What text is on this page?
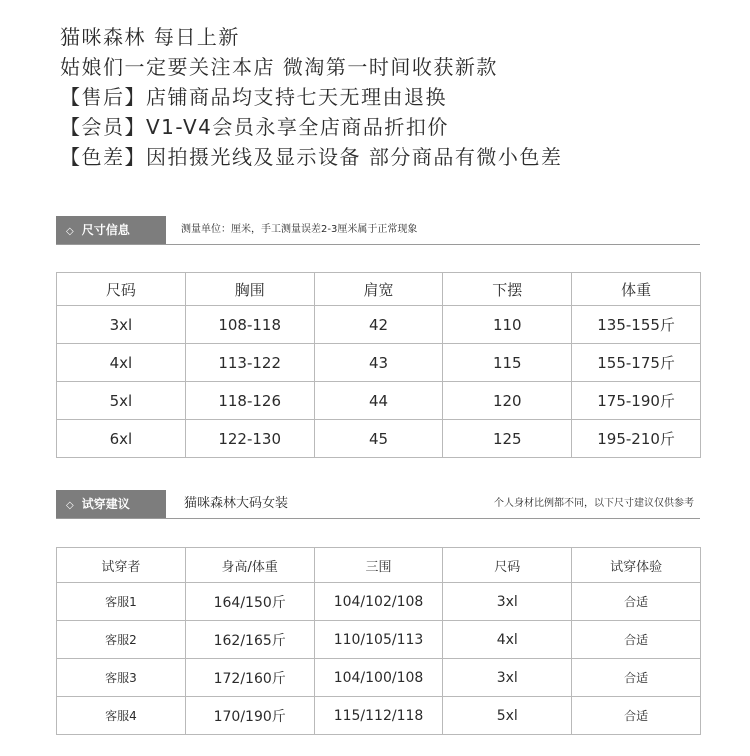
猫咪森林 每日上新
姑娘们一定要关注本店 微淘第一时间收获新款
【售后】店铺商品均支持七天无理由退换
【会员】V1-V4会员永享全店商品折扣价
【色差】因拍摄光线及显示设备 部分商品有微小色差
◇ 尺寸信息	测量单位：厘米，手工测量误差2-3厘米属于正常现象
尺码	胸围	肩宽	下摆	体重
3xl	108-118	42	110	135-155斤
4xl	113-122	43	115	155-175斤
5xl	118-126	44	120	175-190斤
6xl	122-130	45	125	195-210斤
◇ 试穿建议	猫咪森林大码女装	个人身材比例都不同，以下尺寸建议仅供参考
试穿者	身高/体重	三围	尺码	试穿体验
客服1	164/150斤	104/102/108	3xl	合适
客服2	162/165斤	110/105/113	4xl	合适
客服3	172/160斤	104/100/108	3xl	合适
客服4	170/190斤	115/112/118	5xl	合适
